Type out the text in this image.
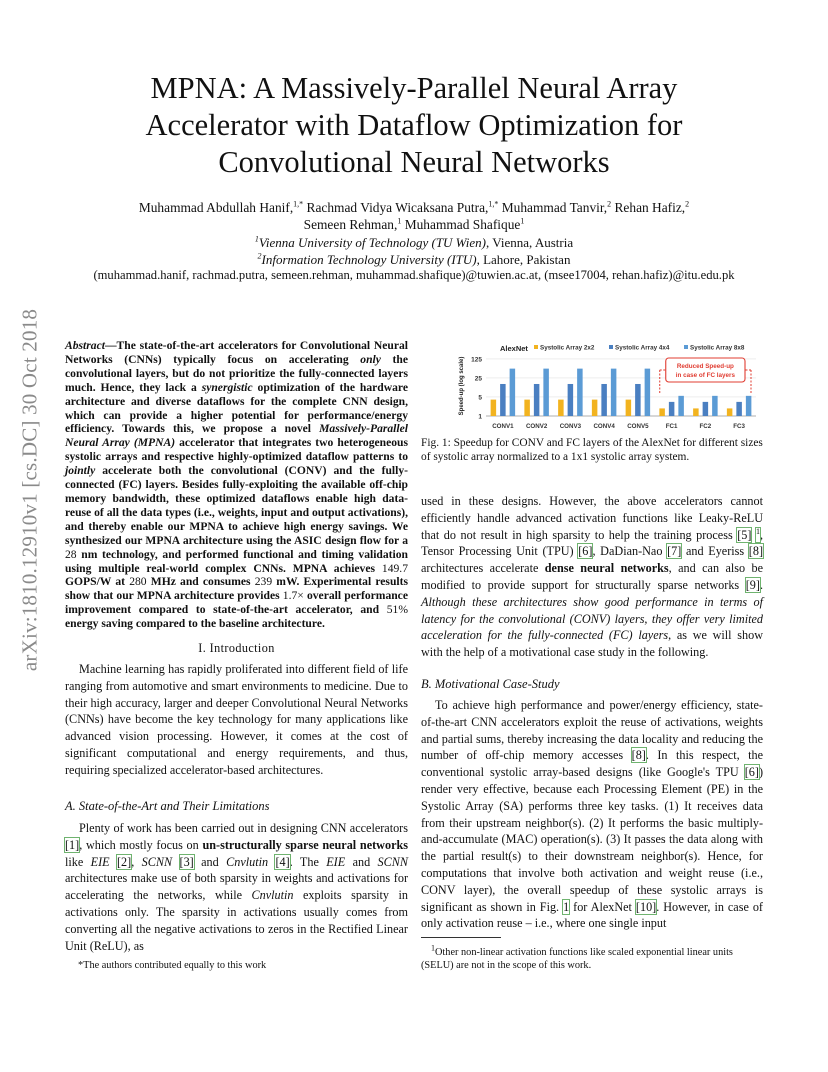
arXiv:1810.12910v1 [cs.DC] 30 Oct 2018
MPNA: A Massively-Parallel Neural Array
Accelerator with Dataflow Optimization for
Convolutional Neural Networks
Muhammad Abdullah Hanif,$^{1,*}$ Rachmad Vidya Wicaksana Putra,$^{1,*}$ Muhammad Tanvir,$^2$ Rehan Hafiz,$^2$
Semeen Rehman,$^1$ Muhammad Shafique$^1$
$^1$Vienna University of Technology (TU Wien), Vienna, Austria
$^2$Information Technology University (ITU), Lahore, Pakistan
(muhammad.hanif, rachmad.putra, semeen.rehman, muhammad.shafique)@tuwien.ac.at, (msee17004, rehan.hafiz)@itu.edu.pk
Abstract—The state-of-the-art accelerators for Convolutional Neural Networks (CNNs) typically focus on accelerating only the convolutional layers, but do not prioritize the fully-connected layers much. Hence, they lack a synergistic optimization of the hardware architecture and diverse dataflows for the complete CNN design, which can provide a higher potential for performance/energy efficiency. Towards this, we propose a novel Massively-Parallel Neural Array (MPNA) accelerator that integrates two heterogeneous systolic arrays and respective highly-optimized dataflow patterns to jointly accelerate both the convolutional (CONV) and the fully-connected (FC) layers. Besides fully-exploiting the available off-chip memory bandwidth, these optimized dataflows enable high data-reuse of all the data types (i.e., weights, input and output activations), and thereby enable our MPNA to achieve high energy savings. We synthesized our MPNA architecture using the ASIC design flow for a 28 nm technology, and performed functional and timing validation using multiple real-world complex CNNs. MPNA achieves 149.7 GOPS/W at 280 MHz and consumes 239 mW. Experimental results show that our MPNA architecture provides 1.7× overall performance improvement compared to state-of-the-art accelerator, and 51% energy saving compared to the baseline architecture.
I. Introduction

Machine learning has rapidly proliferated into different field of life ranging from automotive and smart environments to medicine. Due to their high accuracy, larger and deeper Convolutional Neural Networks (CNNs) have become the key technology for many applications like advanced vision processing. However, it comes at the cost of significant computational and energy requirements, and thus, requiring specialized accelerator-based architectures.

A. State-of-the-Art and Their Limitations

Plenty of work has been carried out in designing CNN accelerators [1], which mostly focus on un-structurally sparse neural networks like EIE [2], SCNN [3] and Cnvlutin [4]. The EIE and SCNN architectures make use of both sparsity in weights and activations for accelerating the networks, while Cnvlutin exploits sparsity in activations only. The sparsity in activations usually comes from converting all the negative activations to zeros in the Rectified Linear Unit (ReLU), as

*The authors contributed equally to this work
AlexNet Systolic Array 2x2	Systolic Array 4x4	Systolic Array 8x8
Speed-up (log scale) 125
25
5
1
CONV1 CONV2 CONV3 CONV4 CONV5	FC1	FC2	FC3
Reduced Speed-up
in case of FC layers
Fig. 1: Speedup for CONV and FC layers of the AlexNet for different sizes of systolic array normalized to a 1x1 systolic array system.

used in these designs. However, the above accelerators cannot efficiently handle advanced activation functions like Leaky-ReLU that do not result in high sparsity to help the training process [5] $^1$, Tensor Processing Unit (TPU) [6], DaDian-Nao [7] and Eyeriss [8] architectures accelerate dense neural networks, and can also be modified to provide support for structurally sparse networks [9]. Although these architectures show good performance in terms of latency for the convolutional (CONV) layers, they offer very limited acceleration for the fully-connected (FC) layers, as we will show with the help of a motivational case study in the following.

B. Motivational Case-Study

To achieve high performance and power/energy efficiency, state-of-the-art CNN accelerators exploit the reuse of activations, weights and partial sums, thereby increasing the data locality and reducing the number of off-chip memory accesses [8]. In this respect, the conventional systolic array-based designs (like Google's TPU [6]) render very effective, because each Processing Element (PE) in the Systolic Array (SA) performs three key tasks. (1) It receives data from their upstream neighbor(s). (2) It performs the basic multiply-and-accumulate (MAC) operation(s). (3) It passes the data along with the partial result(s) to their downstream neighbor(s). Hence, for computations that involve both activation and weight reuse (i.e., CONV layer), the overall speedup of these systolic arrays is significant as shown in Fig. 1 for AlexNet [10]. However, in case of only activation reuse – i.e., where one single input

$^1$Other non-linear activation functions like scaled exponential linear units (SELU) are not in the scope of this work.
